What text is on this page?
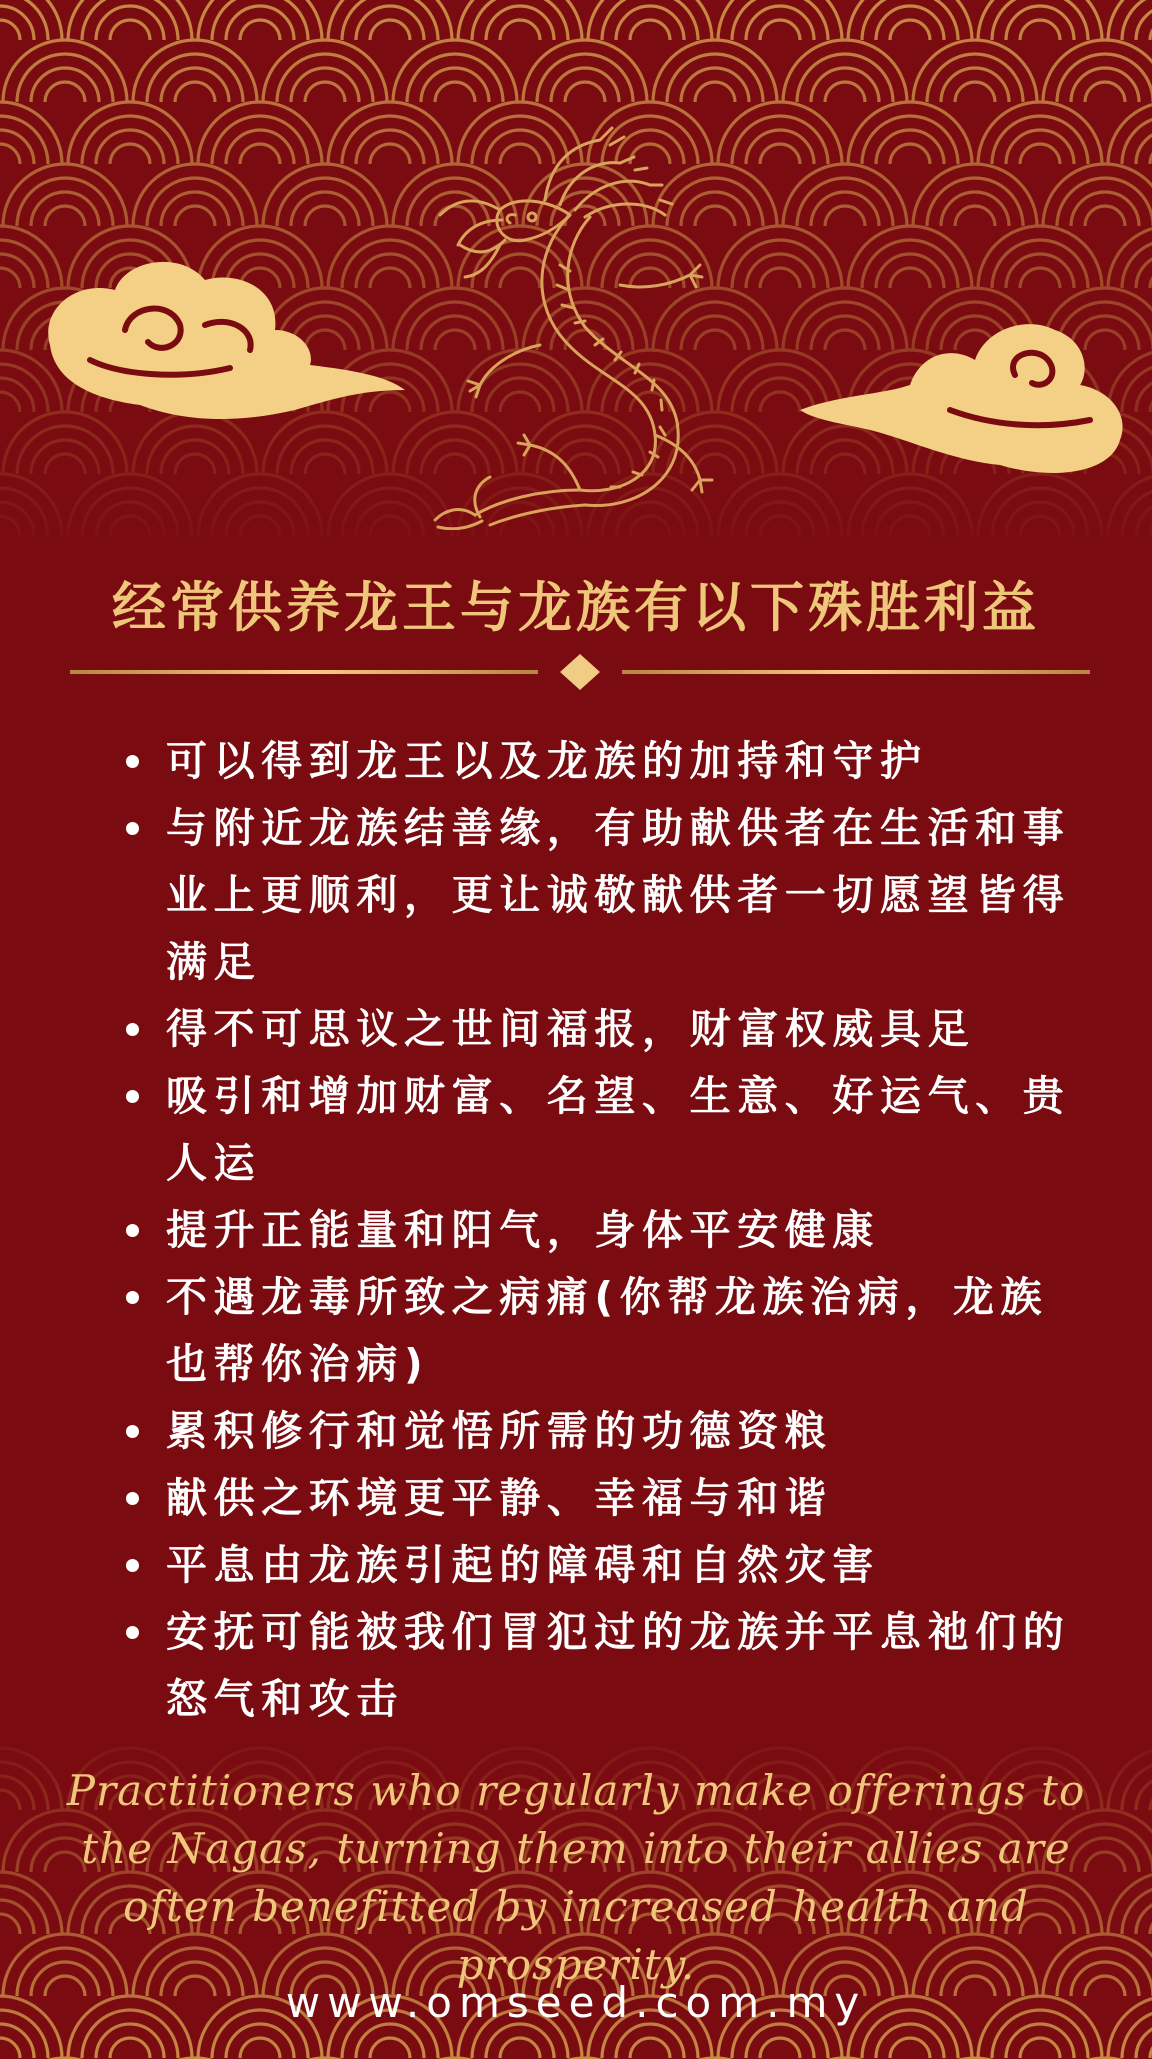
经常供养龙王与龙族有以下殊胜利益
可以得到龙王以及龙族的加持和守护
与附近龙族结善缘，有助献供者在生活和事业上更顺利，更让诚敬献供者一切愿望皆得满足
得不可思议之世间福报，财富权威具足
吸引和增加财富、名望、生意、好运气、贵人运
提升正能量和阳气，身体平安健康
不遇龙毒所致之病痛(你帮龙族治病，龙族也帮你治病)
累积修行和觉悟所需的功德资粮
献供之环境更平静、幸福与和谐
平息由龙族引起的障碍和自然灾害
安抚可能被我们冒犯过的龙族并平息祂们的怒气和攻击

Practitioners who regularly make offerings to the Nagas, turning them into their allies are often benefitted by increased health and prosperity.

www.omseed.com.my
